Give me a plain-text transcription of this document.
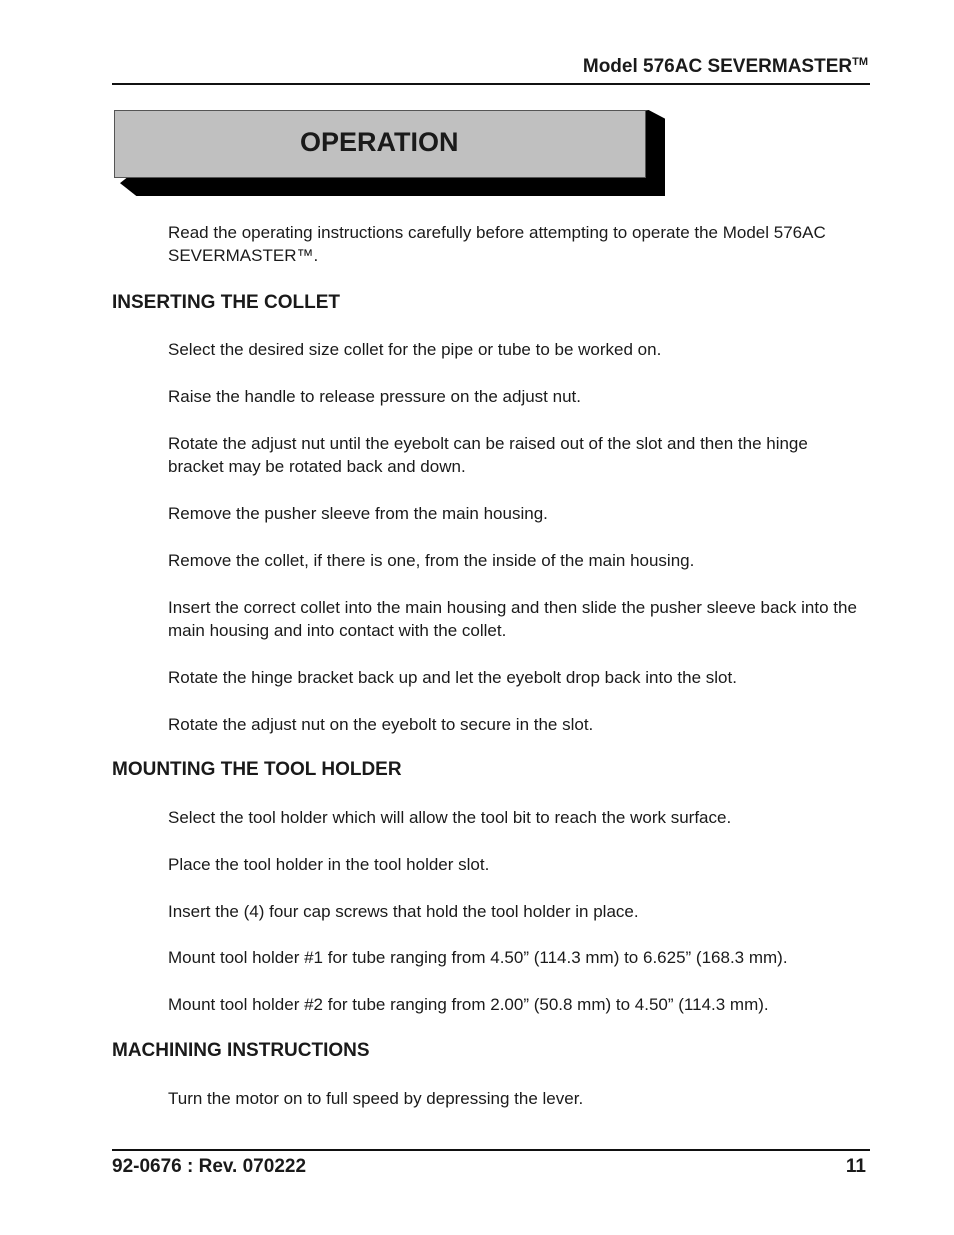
Model 576AC SEVERMASTER™
OPERATION
Read the operating instructions carefully before attempting to operate the Model 576AC SEVERMASTER™.
INSERTING THE COLLET
Select the desired size collet for the pipe or tube to be worked on.
Raise the handle to release pressure on the adjust nut.
Rotate the adjust nut until the eyebolt can be raised out of the slot and then the hinge bracket may be rotated back and down.
Remove the pusher sleeve from the main housing.
Remove the collet, if there is one, from the inside of the main housing.
Insert the correct collet into the main housing and then slide the pusher sleeve back into the main housing and into contact with the collet.
Rotate the hinge bracket back up and let the eyebolt drop back into the slot.
Rotate the adjust nut on the eyebolt to secure in the slot.
MOUNTING THE TOOL HOLDER
Select the tool holder which will allow the tool bit to reach the work surface.
Place the tool holder in the tool holder slot.
Insert the (4) four cap screws that hold the tool holder in place.
Mount tool holder #1 for tube ranging from 4.50” (114.3 mm) to 6.625” (168.3 mm).
Mount tool holder #2 for tube ranging from 2.00” (50.8 mm) to 4.50” (114.3 mm).
MACHINING INSTRUCTIONS
Turn the motor on to full speed by depressing the lever.
92-0676 : Rev. 070222	11
